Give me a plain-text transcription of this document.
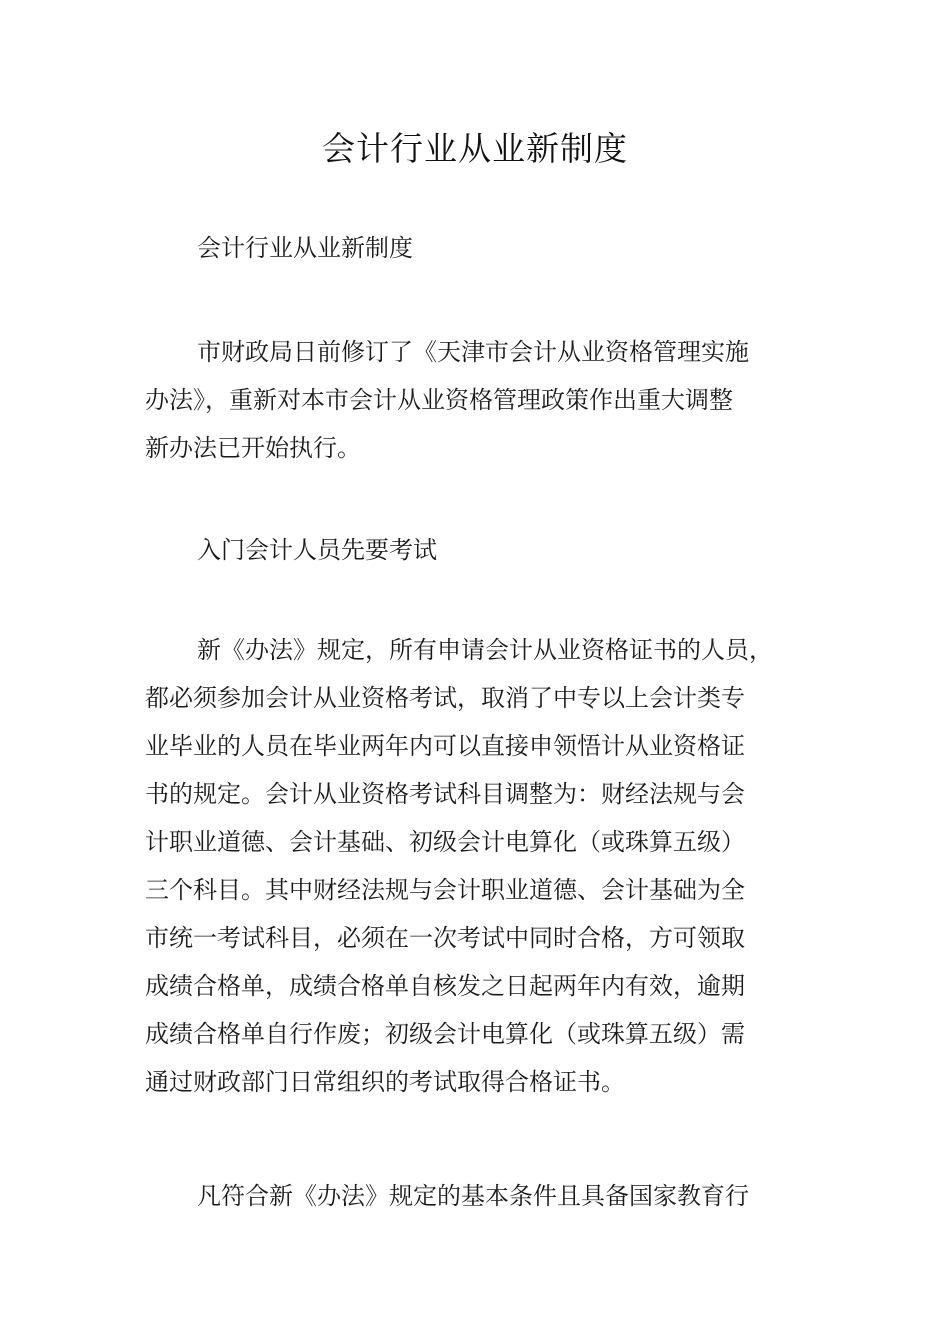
会计行业从业新制度

会计行业从业新制度

市财政局日前修订了《天津市会计从业资格管理实施
办法》，重新对本市会计从业资格管理政策作出重大调整
新办法已开始执行。

入门会计人员先要考试

新《办法》规定，所有申请会计从业资格证书的人员，
都必须参加会计从业资格考试，取消了中专以上会计类专
业毕业的人员在毕业两年内可以直接申领悟计从业资格证
书的规定。会计从业资格考试科目调整为：财经法规与会
计职业道德、会计基础、初级会计电算化（或珠算五级）
三个科目。其中财经法规与会计职业道德、会计基础为全
市统一考试科目，必须在一次考试中同时合格，方可领取
成绩合格单，成绩合格单自核发之日起两年内有效，逾期
成绩合格单自行作废；初级会计电算化（或珠算五级）需
通过财政部门日常组织的考试取得合格证书。

凡符合新《办法》规定的基本条件且具备国家教育行
